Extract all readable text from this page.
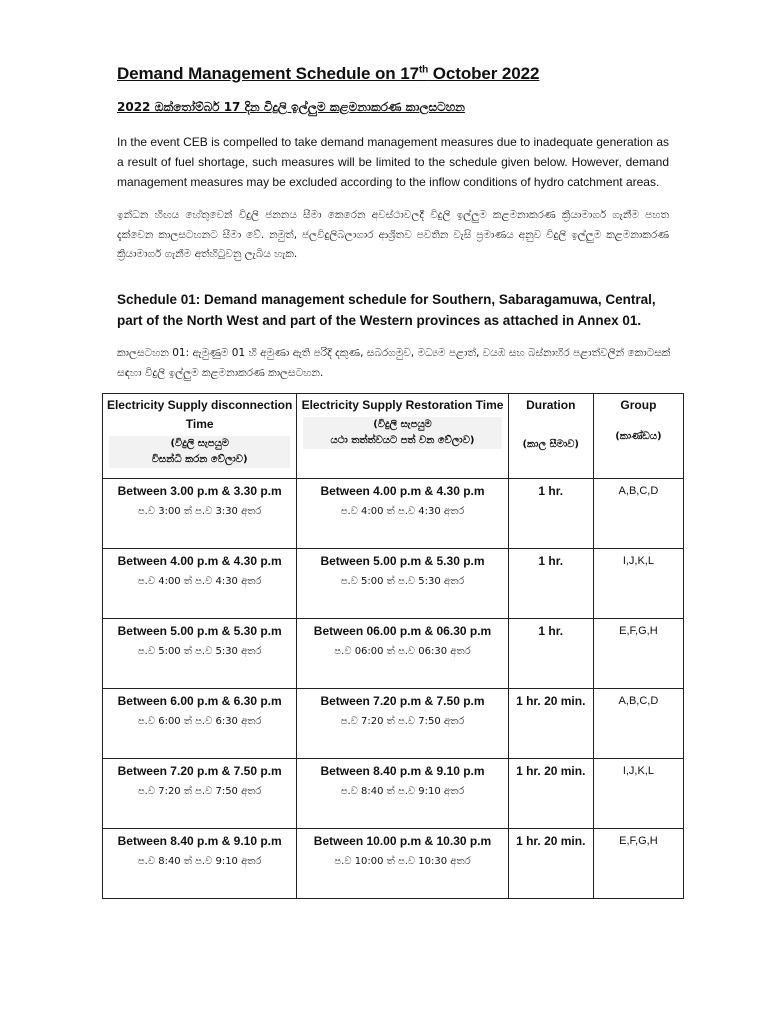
Demand Management Schedule on 17th October 2022
2022 ඔක්තෝම්බර් 17 දින විදුලි ඉල්ලුම කළමනාකරණ කාලසටහන
In the event CEB is compelled to take demand management measures due to inadequate generation as a result of fuel shortage, such measures will be limited to the schedule given below. However, demand management measures may be excluded according to the inflow conditions of hydro catchment areas.
ඉන්ධන හිඟය හේතුවෙන් විදුලි ජනනය සීමා කෙරෙන අවස්ථාවලදී විදුලි ඉල්ලුම කළමනාකරණ ක්‍රියාමාර්ග ගැනීම පහත දැක්වෙන කාලසටහනට සීමා වේ. නමුත්, ජලවිදුලිබලාගාර ආශ්‍රිතව පවතින වැසි ප්‍රමාණය අනුව විදුලි ඉල්ලුම කළමනාකරණ ක්‍රියාමාර්ග ගැනීම අත්හිටුවනු ලැබිය හැක.
Schedule 01: Demand management schedule for Southern, Sabaragamuwa, Central, part of the North West and part of the Western provinces as attached in Annex 01.
කාලසටහන 01: ඇමුණුම 01 හි අමුණා ඇති පරිදි දකුණ, සබරගමුව, මධ්‍යම පළාත්, වයඹ සහ බස්නාහිර පළාත්වලින් කොටසක් සඳහා විදුලි ඉල්ලුම කළමනාකරණ කාලසටහන.
Electricity Supply disconnection Time
(විදුලි සැපයුම
විසන්ධි කරන වේලාව)	Electricity Supply Restoration Time
(විදුලි සැපයුම
යථා තත්ත්වයට පත් වන වේලාව)	Duration
(කාල සීමාව)	Group
(කාණ්ඩය)

Between 3.00 p.m & 3.30 p.m
ප.ව 3:00 ත් ප.ව 3:30 අතර	Between 4.00 p.m & 4.30 p.m
ප.ව 4:00 ත් ප.ව 4:30 අතර	1 hr.	A,B,C,D

Between 4.00 p.m & 4.30 p.m
ප.ව 4:00 ත් ප.ව 4:30 අතර	Between 5.00 p.m & 5.30 p.m
ප.ව 5:00 ත් ප.ව 5:30 අතර	1 hr.	I,J,K,L

Between 5.00 p.m & 5.30 p.m
ප.ව 5:00 ත් ප.ව 5:30 අතර	Between 06.00 p.m & 06.30 p.m
ප.ව 06:00 ත් ප.ව 06:30 අතර	1 hr.	E,F,G,H

Between 6.00 p.m & 6.30 p.m
ප.ව 6:00 ත් ප.ව 6:30 අතර	Between 7.20 p.m & 7.50 p.m
ප.ව 7:20 ත් ප.ව 7:50 අතර	1 hr. 20 min.	A,B,C,D

Between 7.20 p.m & 7.50 p.m
ප.ව 7:20 ත් ප.ව 7:50 අතර	Between 8.40 p.m & 9.10 p.m
ප.ව 8:40 ත් ප.ව 9:10 අතර	1 hr. 20 min.	I,J,K,L

Between 8.40 p.m & 9.10 p.m
ප.ව 8:40 ත් ප.ව 9:10 අතර	Between 10.00 p.m & 10.30 p.m
ප.ව 10:00 ත් ප.ව 10:30 අතර	1 hr. 20 min.	E,F,G,H
